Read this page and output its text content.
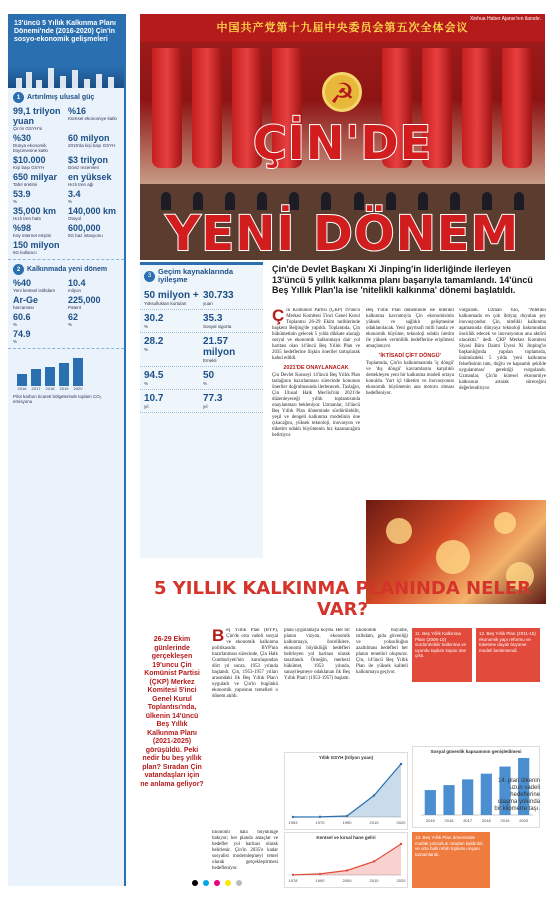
13'üncü 5 Yıllık Kalkınma Planı Dönemi'nde (2016-2020) Çin'in sosyo-ekonomik gelişmeleri
1 Artırılmış ulusal güç
99,1 trilyon yuan
Çin'in GSYH'si
%16
Küresel ekonomiye katkı
%30
Dünya ekonomik büyümesine katkı
60 milyon
2019'da kişi başı GSYH
$10.000
Kişi başı GSYH
$3 trilyon
Döviz rezervleri
650 milyar
Tahıl üretimi
en yüksek
Hızlı tren ağı
53.9
%
3.4
%
35,000 km
Hızlı tren hattı
140,000 km
Otoyol
%98
Köy internet erişimi
600,000
5G baz istasyonu
150 milyon
5G kullanıcı
2 Kalkınmada yeni dönem
%40
Yeni kentsel istihdam
10.4
milyon
Ar-Ge
harcaması
225,000
Patent
60.6
%
62
%
74.9
%
2016 2017 2018 2019 2020
Pilot karbon ticareti bölgelerinde toplam CO₂ emisyonu
中国共产党第十九届中央委员会第五次全体会议
Xinhua Haber Ajansı'nın ilanıdır.
☭
ÇİN'DE
YENİ DÖNEM
3 Geçim kaynaklarında iyileşme
50 milyon +
Yoksulluktan kurtulan
30.733
yuan
30.2
%
35.3
Sosyal sigorta
28.2
%
21.57 milyon
Emekli
94.5
%
50
%
10.7
yıl
77.3
yıl
Çin'de Devlet Başkanı Xi Jinping'in liderliğinde ilerleyen 13'üncü 5 yıllık kalkınma planı başarıyla tamamlandı. 14'üncü Beş Yıllık Plan'la ise 'nitelikli kalkınma' dönemi başlatıldı.
Ç in Komünist Partisi (ÇKP) 19'uncu Merkez Komitesi 5'inci Genel Kurul Toplantısı 26-29 Ekim tarihlerinde başkent Beijing'de yapıldı. Toplantıda, Çin hükümetinin gelecek 5 yılda dikkate alacağı sosyal ve ekonomik kalkınmaya dair yol haritası olan 14'üncü Beş Yıllık Plan ve 2035 hedeflerine ilişkin öneriler tartışılarak kabul edildi.
2021'DE ONAYLANACAK
Çin Devlet Konseyi 14'üncü Beş Yıllık Plan taslağının hazırlanması sürecinde konunun öneriler doğrultusunda ilerlenecek. Taslağın, Çin Ulusal Halk Meclisi'nin 2021'de düzenleyeceği yıllık toplantısında onaylanması bekleniyor. Uzmanlar, 14'üncü Beş Yıllık Plan döneminde sürdürülebilir, yeşil ve dengeli kalkınma modelinin öne çıkacağını, yüksek teknoloji, inovasyon ve tüketim odaklı büyümenin hız kazanacağını belirtiyor.
Beş Yıllık Plan döneminde ise nitelikli kalkınma kavramıyla Çin ekonomisinin yüksek ve sağlıklı gelişmesine odaklanılacak. Yeni gayrisafi milli hasıla ve ekonomik büyüme, teknoloji odaklı üretim ile yüksek verimlilik hedeflerine erişilmesi amaçlanıyor.
'İKTİSADİ ÇİFT DÖNGÜ'
Toplantıda, Çin'in kalkınmasında 'iç döngü' ve 'dış döngü' kavramlarını karşılıklı destekleyen yeni bir kalkınma modeli ortaya konuldu. Yurt içi tüketim ve inovasyonun ekonomik büyümenin ana motoru olması hedefleniyor.
vurguladı. Uzman Yao, "Nitelikli kalkınmada en çok ihtiyaç duyulan şey inovasyondur. Çin, nitelikli kalkınma aşamasında dünyaya teknoloji bakımından öncülük edecek ve inovasyonun ana aktörü olacaktır." dedi. ÇKP Merkez Komitesi Siyasi Büro Daimi Üyesi Xi Jinping'in başkanlığında yapılan toplantıda, önümüzdeki 5 yılda 'yeni kalkınma felsefesinin tam, doğru ve kapsamlı şekilde uygulanması' gerektiği vurgulandı. Uzmanlar, Çin'in küresel ekonomiye katkısının artarak süreceğini değerlendiriyor.
5 YILLIK KALKINMA PLANINDA NELER VAR?
26-29 Ekim günlerinde gerçekleşen 19'uncu Çin Komünist Partisi (ÇKP) Merkez Komitesi 5'inci Genel Kurul Toplantısı'nda, ülkenin 14'üncü Beş Yıllık Kalkınma Planı (2021-2025) görüşüldü. Peki nedir bu beş yıllık plan? Sıradan Çin vatandaşları için ne anlama geliyor?
B eş Yıllık Plan (BYP), Çin'de orta vadeli sosyal ve ekonomik kalkınma politikasıdır. BYP'nin hazırlanması sürecinde, Çin Halk Cumhuriyeti'nin kuruluşundan dört yıl sonra, 1953 yılında başlandı. Çin, 1953-1957 yılları arasındaki ilk Beş Yıllık Plan'ı uyguladı ve Çin'in bugünkü ekonomik yapısının temelleri o dönem atıldı.
planı uygulamaya koydu. Her bir planın vizyon, ekonomik kalkınmaya, önceliklere, ekonomi büyüklüğü hedefleri belirleyen yol haritası olarak tasarlandı. Örneğin, merkezi hükümet, 1953 yılında, sanayileşmeye odaklanan ilk Beş Yıllık Plan'ı (1953-1957) başlattı.
Ekonomik büyüme, istihdam, gıda güvenliği ve yoksulluğun azaltılması hedefleri her planın temelini oluşturur. Çin, 14'üncü Beş Yıllık Plan ile yüksek kaliteli kalkınmaya geçiyor.
Ekonomi hala büyüklüğe bakıyor; her planda amaçlar ve hedefler yol haritası olarak belirlenir. Çin'in 2035'e kadar sosyalist modernleşmeyi temel olarak gerçekleştirmesi hedefleniyor.
11. Beş Yıllık Kalkınma Planı (2006-10) sürdürülebilir kalkınma ve uyumlu toplum inşası öne çıktı.
12. Beş Yıllık Plan (2011-15) ekonomik yapı reformu ve tüketime dayalı büyüme modeli benimsendi.
13. Beş Yıllık Plan döneminde mutlak yoksulluk ortadan kaldırıldı ve orta halli refah toplumu inşası tamamlandı.
Yıllık GSYH (trilyon yuan)
1953	1970	1990	2010	2020
Kentsel ve kırsal hane geliri
1978	1990	2000	2010	2020
Sosyal güvenlik kapsamının genişletilmesi
2015 2016 2017 2018 2019 2020
14. plan ülkenin uzun vadeli hedeflerine ulaşma yolunda bir kilometre taşı.
